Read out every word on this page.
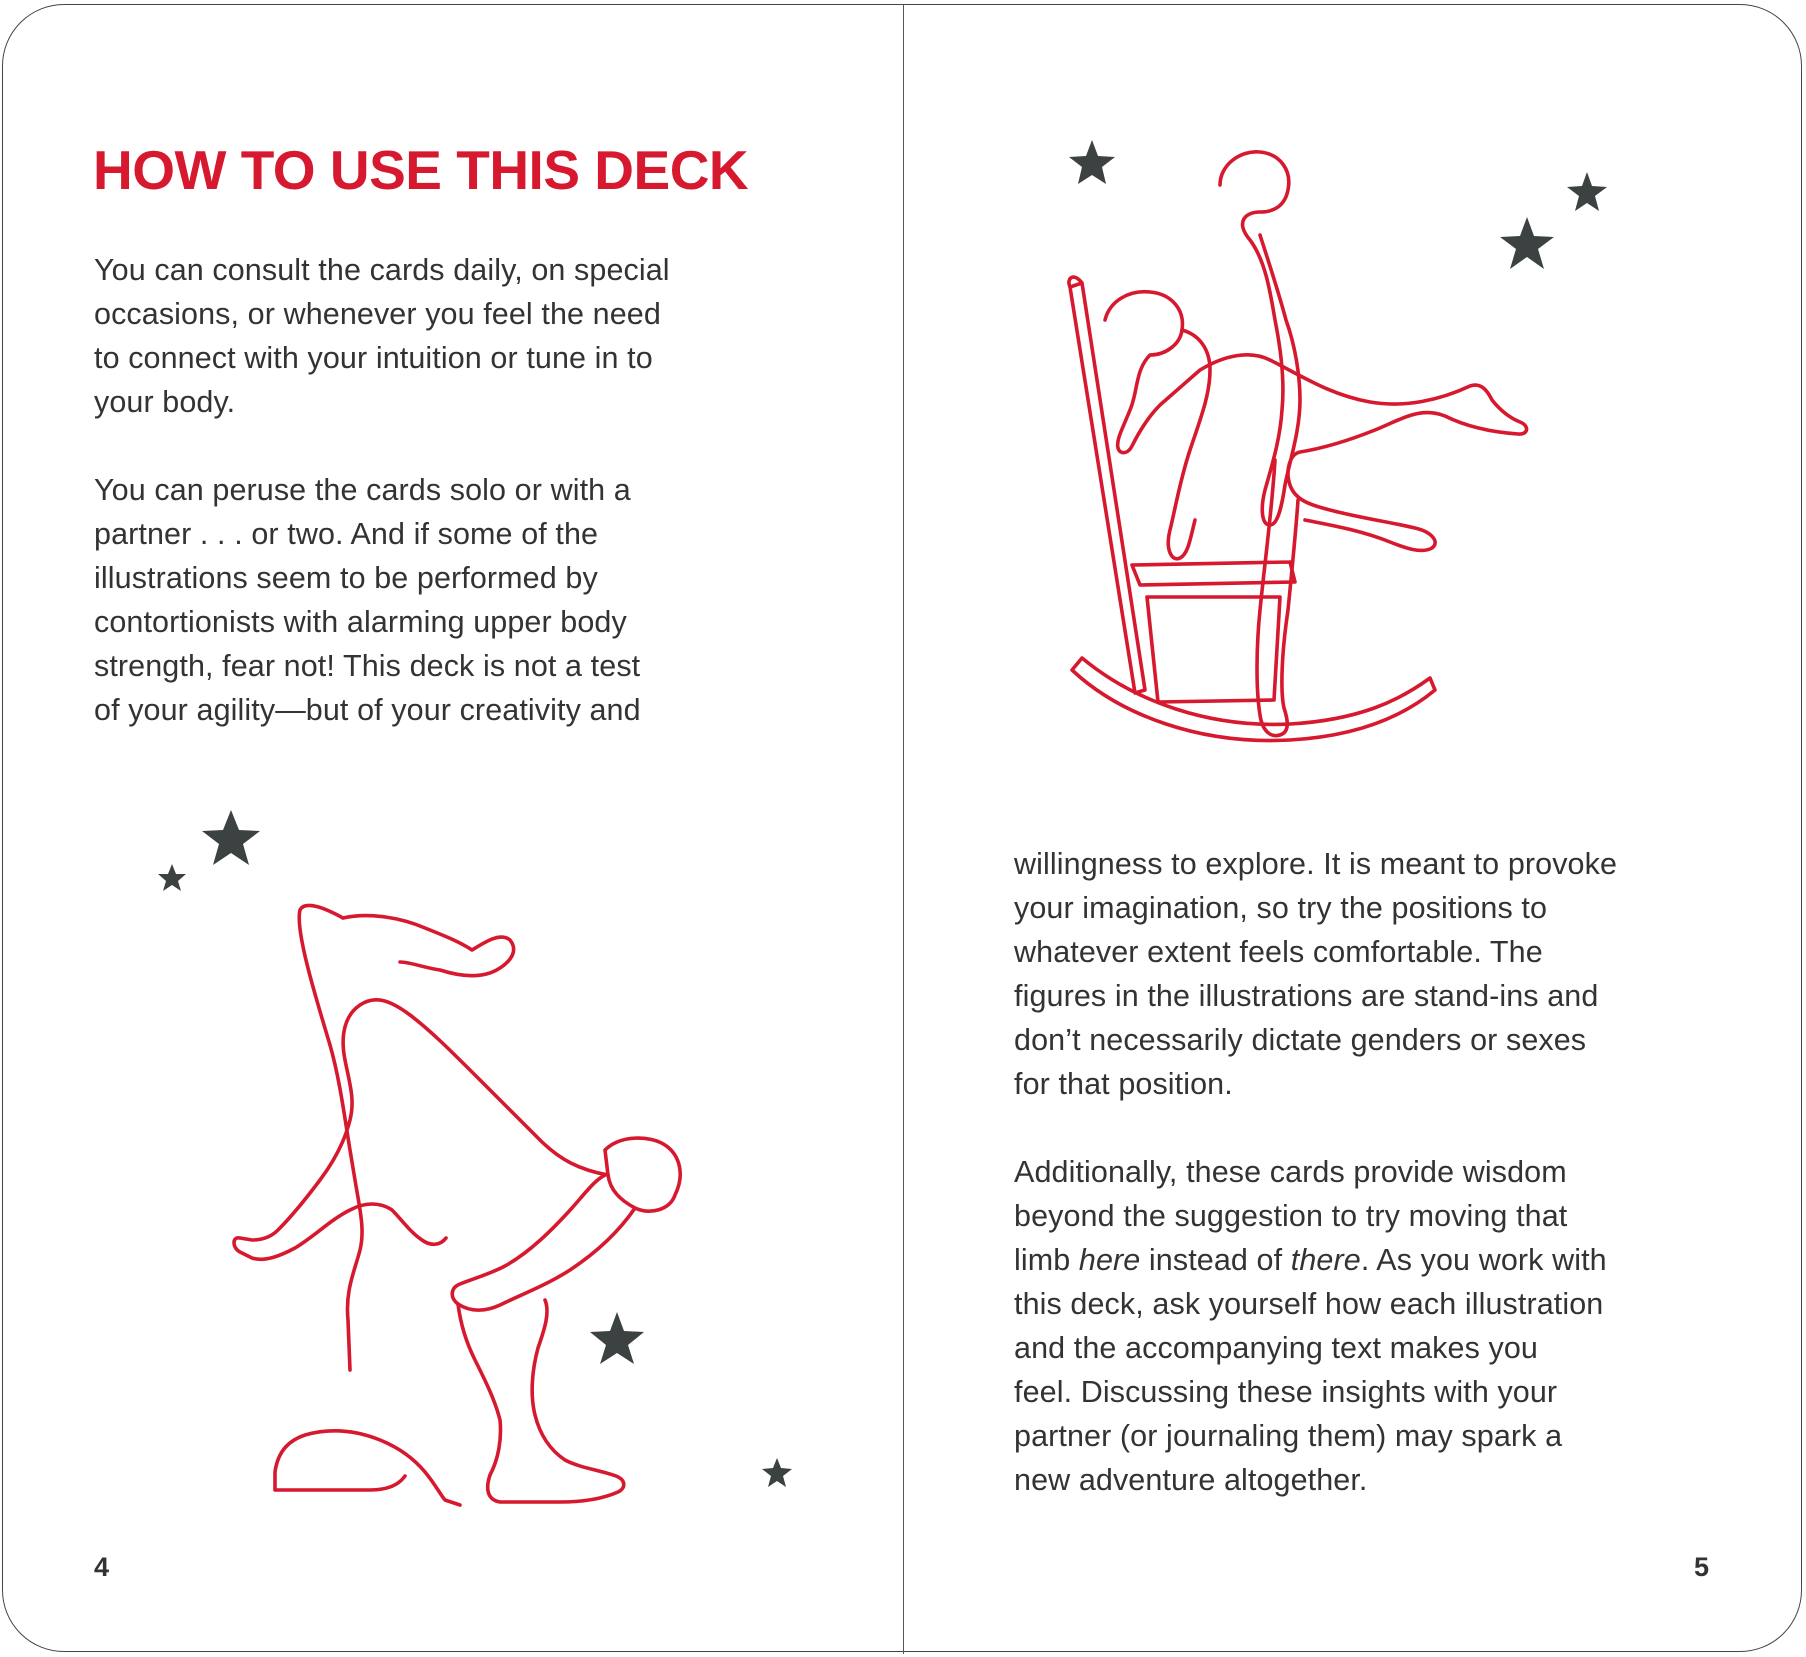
HOW TO USE THIS DECK

You can consult the cards daily, on special

occasions, or whenever you feel the need

to connect with your intuition or tune in to

your body.

You can peruse the cards solo or with a

partner . . . or two. And if some of the

illustrations seem to be performed by

contortionists with alarming upper body

strength, fear not! This deck is not a test

of your agility—but of your creativity and

4

willingness to explore. It is meant to provoke

your imagination, so try the positions to

whatever extent feels comfortable. The

figures in the illustrations are stand-ins and

don’t necessarily dictate genders or sexes

for that position.

Additionally, these cards provide wisdom

beyond the suggestion to try moving that

limb here instead of there. As you work with

this deck, ask yourself how each illustration

and the accompanying text makes you

feel. Discussing these insights with your

partner (or journaling them) may spark a

new adventure altogether.

5
